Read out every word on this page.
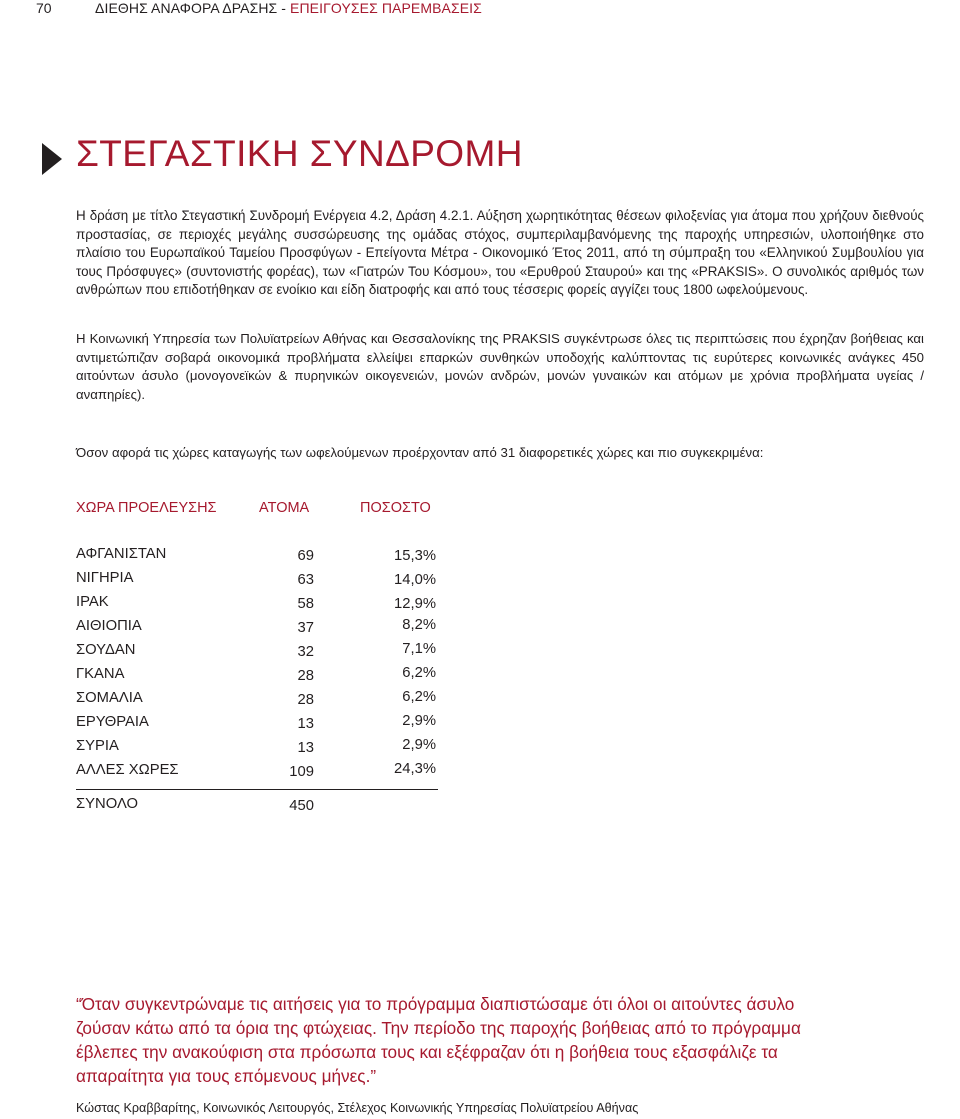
70	ΔΙΕΘΗΣ ΑΝΑΦΟΡΑ ΔΡΑΣΗΣ - ΕΠΕΙΓΟΥΣΕΣ ΠΑΡΕΜΒΑΣΕΙΣ
ΣΤΕΓΑΣΤΙΚΗ ΣΥΝΔΡΟΜΗ
Η δράση με τίτλο Στεγαστική Συνδρομή Ενέργεια 4.2, Δράση 4.2.1. Αύξηση χωρητικότητας θέσεων φιλοξενίας για άτομα που χρήζουν διεθνούς προστασίας, σε περιοχές μεγάλης συσσώρευσης της ομάδας στόχος, συμπεριλαμβανόμενης της παροχής υπηρεσιών, υλοποιήθηκε στο πλαίσιο του Ευρωπαϊκού Ταμείου Προσφύγων - Επείγοντα Μέτρα - Οικονομικό Έτος 2011, από τη σύμπραξη του «Ελληνικού Συμβουλίου για τους Πρόσφυγες» (συντονιστής φορέας), των «Γιατρών Του Κόσμου», του «Ερυθρού Σταυρού» και της «PRAKSIS». Ο συνολικός αριθμός των ανθρώπων που επιδοτήθηκαν σε ενοίκιο και είδη διατροφής και από τους τέσσερις φορείς αγγίζει τους 1800 ωφελούμενους.
Η Κοινωνική Υπηρεσία των Πολυϊατρείων Αθήνας και Θεσσαλονίκης της PRAKSIS συγκέντρωσε όλες τις περιπτώσεις που έχρηζαν βοήθειας και αντιμετώπιζαν σοβαρά οικονομικά προβλήματα ελλείψει επαρκών συνθηκών υποδοχής καλύπτοντας τις ευρύτερες κοινωνικές ανάγκες 450 αιτούντων άσυλο (μονογονεϊκών & πυρηνικών οικογενειών, μονών ανδρών, μονών γυναικών και ατόμων με χρόνια προβλήματα υγείας / αναπηρίες).
Όσον αφορά τις χώρες καταγωγής των ωφελούμενων προέρχονταν από 31 διαφορετικές χώρες και πιο συγκεκριμένα:
ΧΩΡΑ ΠΡΟΕΛΕΥΣΗΣ	ΑΤΟΜΑ	ΠΟΣΟΣΤΟ
ΑΦΓΑΝΙΣΤΑΝ	69	15,3%
ΝΙΓΗΡΙΑ	63	14,0%
ΙΡΑΚ	58	12,9%
ΑΙΘΙΟΠΙΑ	37	8,2%
ΣΟΥΔΑΝ	32	7,1%
ΓΚΑΝΑ	28	6,2%
ΣΟΜΑΛΙΑ	28	6,2%
ΕΡΥΘΡΑΙΑ	13	2,9%
ΣΥΡΙΑ	13	2,9%
ΑΛΛΕΣ ΧΩΡΕΣ	109	24,3%
ΣΥΝΟΛΟ	450
“Όταν συγκεντρώναμε τις αιτήσεις για το πρόγραμμα διαπιστώσαμε ότι όλοι οι αιτούντες άσυλο ζούσαν κάτω από τα όρια της φτώχειας. Την περίοδο της παροχής βοήθειας από το πρόγραμμα έβλεπες την ανακούφιση στα πρόσωπα τους και εξέφραζαν ότι η βοήθεια τους εξασφάλιζε τα απαραίτητα για τους επόμενους μήνες.”
Κώστας Κραββαρίτης, Κοινωνικός Λειτουργός, Στέλεχος Κοινωνικής Υπηρεσίας Πολυϊατρείου Αθήνας
